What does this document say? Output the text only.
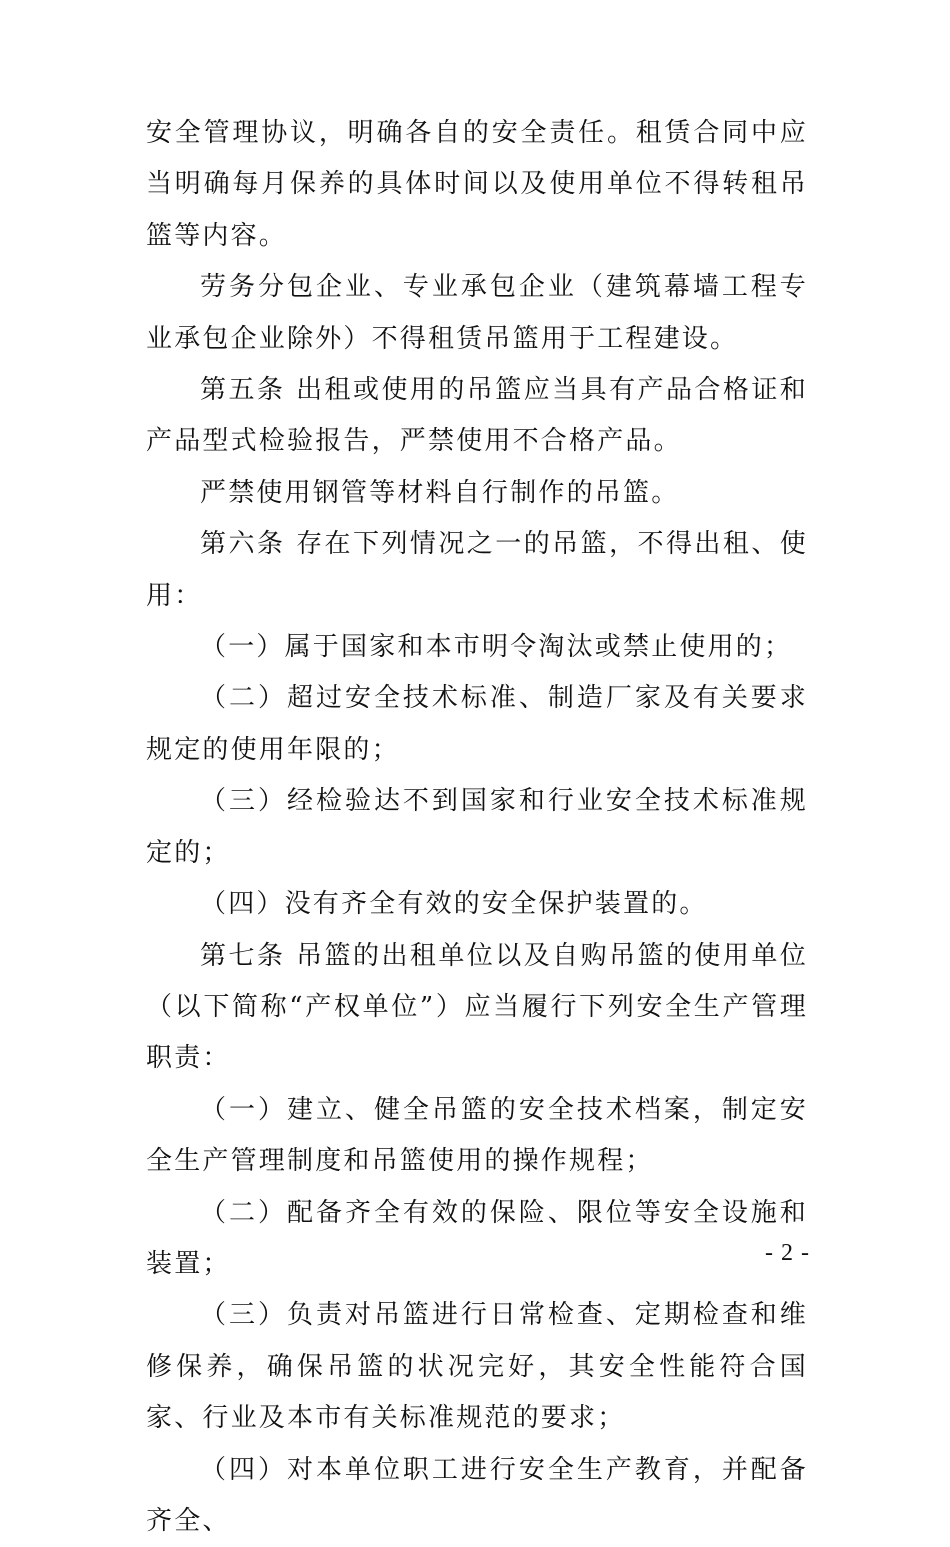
安全管理协议，明确各自的安全责任。租赁合同中应当明确每月保养的具体时间以及使用单位不得转租吊篮等内容。

劳务分包企业、专业承包企业（建筑幕墙工程专业承包企业除外）不得租赁吊篮用于工程建设。

第五条 出租或使用的吊篮应当具有产品合格证和产品型式检验报告，严禁使用不合格产品。

严禁使用钢管等材料自行制作的吊篮。

第六条 存在下列情况之一的吊篮，不得出租、使用：

（一）属于国家和本市明令淘汰或禁止使用的；

（二）超过安全技术标准、制造厂家及有关要求规定的使用年限的；

（三）经检验达不到国家和行业安全技术标准规定的；

（四）没有齐全有效的安全保护装置的。

第七条 吊篮的出租单位以及自购吊篮的使用单位（以下简称“产权单位”）应当履行下列安全生产管理职责：

（一）建立、健全吊篮的安全技术档案，制定安全生产管理制度和吊篮使用的操作规程；

（二）配备齐全有效的保险、限位等安全设施和装置；

（三）负责对吊篮进行日常检查、定期检查和维修保养，确保吊篮的状况完好，其安全性能符合国家、行业及本市有关标准规范的要求；

（四）对本单位职工进行安全生产教育，并配备齐全、

- 2 -
